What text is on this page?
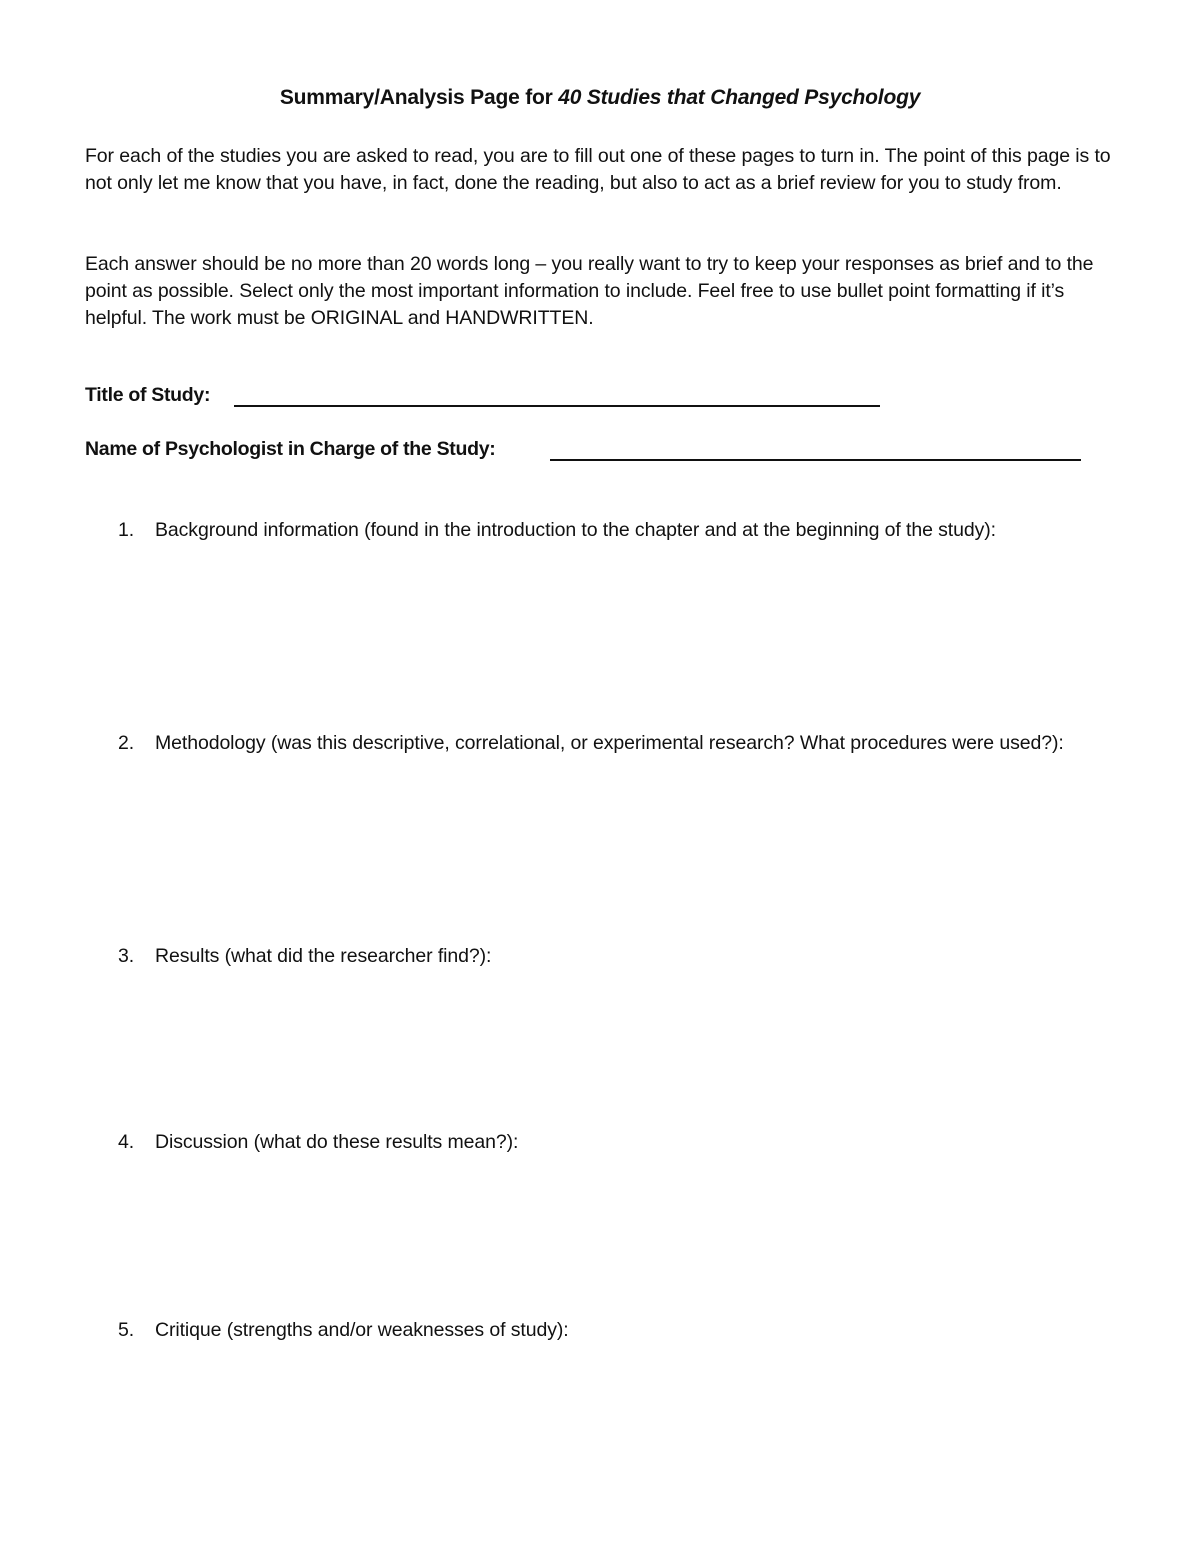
Summary/Analysis Page for 40 Studies that Changed Psychology
For each of the studies you are asked to read, you are to fill out one of these pages to turn in. The point of this page is to not only let me know that you have, in fact, done the reading, but also to act as a brief review for you to study from.
Each answer should be no more than 20 words long – you really want to try to keep your responses as brief and to the point as possible. Select only the most important information to include. Feel free to use bullet point formatting if it’s helpful. The work must be ORIGINAL and HANDWRITTEN.
Title of Study:
Name of Psychologist in Charge of the Study:
1.	Background information (found in the introduction to the chapter and at the beginning of the study):
2.	Methodology (was this descriptive, correlational, or experimental research? What procedures were used?):
3.	Results (what did the researcher find?):
4.	Discussion (what do these results mean?):
5.	Critique (strengths and/or weaknesses of study):
